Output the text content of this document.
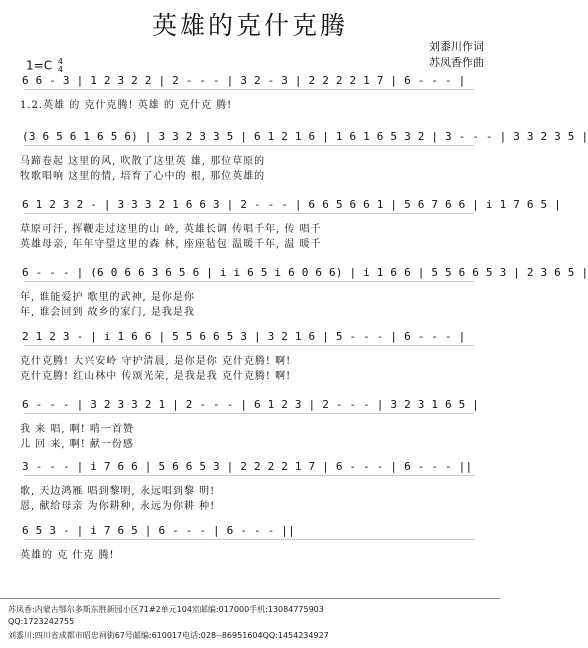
英雄的克什克腾
刘黍川作词
苏凤香作曲
1=C 4
4
6 6 - 3 | 1 2 3 2 2 | 2 - - - | 3 2 - 3 | 2 2 2 2 1 7 | 6 - - - |
1.2.英雄 的 克什克腾! 英雄 的 克什克 腾!
(3 6 5 6 1 6 5 6) | 3 3 2 3 3 5 | 6 1 2 1 6 | 1 6 1 6 5 3 2 | 3 - - - | 3 3 2 3 5 |
马蹄卷起 这里的风, 吹散了这里英 雄, 那位草原的
牧歌唱响 这里的情, 培育了心中的 根, 那位英雄的
6 1 2 3 2 - | 3 3 3 2 1 6 6 3 | 2 - - - | 6 6 5 6 6 1 | 5 6 7 6 6 | i 1 7 6 5 |
草原可汗, 挥鞭走过这里的山 岭, 英雄长调 传唱千年, 传 唱千
英雄母亲, 年年守望这里的森 林, 座座毡包 温暖千年, 温 暖千
6 - - - | (6 0 6 6 3 6 5 6 | i i 6 5 i 6 0 6 6) | i 1 6 6 | 5 5 6 6 5 3 | 2 3 6 5 |
年, 谁能爱护 歌里的武神, 是你是你
年, 谁会回到 故乡的家门, 是我是我
2 1 2 3 - | i 1 6 6 | 5 5 6 6 5 3 | 3 2 1 6 | 5 - - - | 6 - - - |
克什克腾! 大兴安岭 守护清晨, 是你是你 克什克腾! 啊!
克什克腾! 红山林中 传颂光荣, 是我是我 克什克腾! 啊!
6 - - - | 3 2 3 3 2 1 | 2 - - - | 6 1 2 3 | 2 - - - | 3 2 3 1 6 5 |
我 来 唱, 啊! 啃一首赞
儿 回 来, 啊! 献一份感
3 - - - | i 7 6 6 | 5 6 6 5 3 | 2 2 2 2 1 7 | 6 - - - | 6 - - - ||
歌, 天边鸿雁 唱到黎明, 永远唱到黎 明!
恩, 献给母亲 为你耕种, 永远为你耕 种!
6 5 3 - | i 7 6 5 | 6 - - - | 6 - - - ||
英雄的 克 什克 腾!
苏凤香:内蒙古鄂尔多斯东胜新园小区71#2单元104室邮编:017000手机:13084775903
QQ:1723242755
刘黍川:四川省成都市昭忠祠街67号邮编:610017电话:028--86951604QQ:1454234927
